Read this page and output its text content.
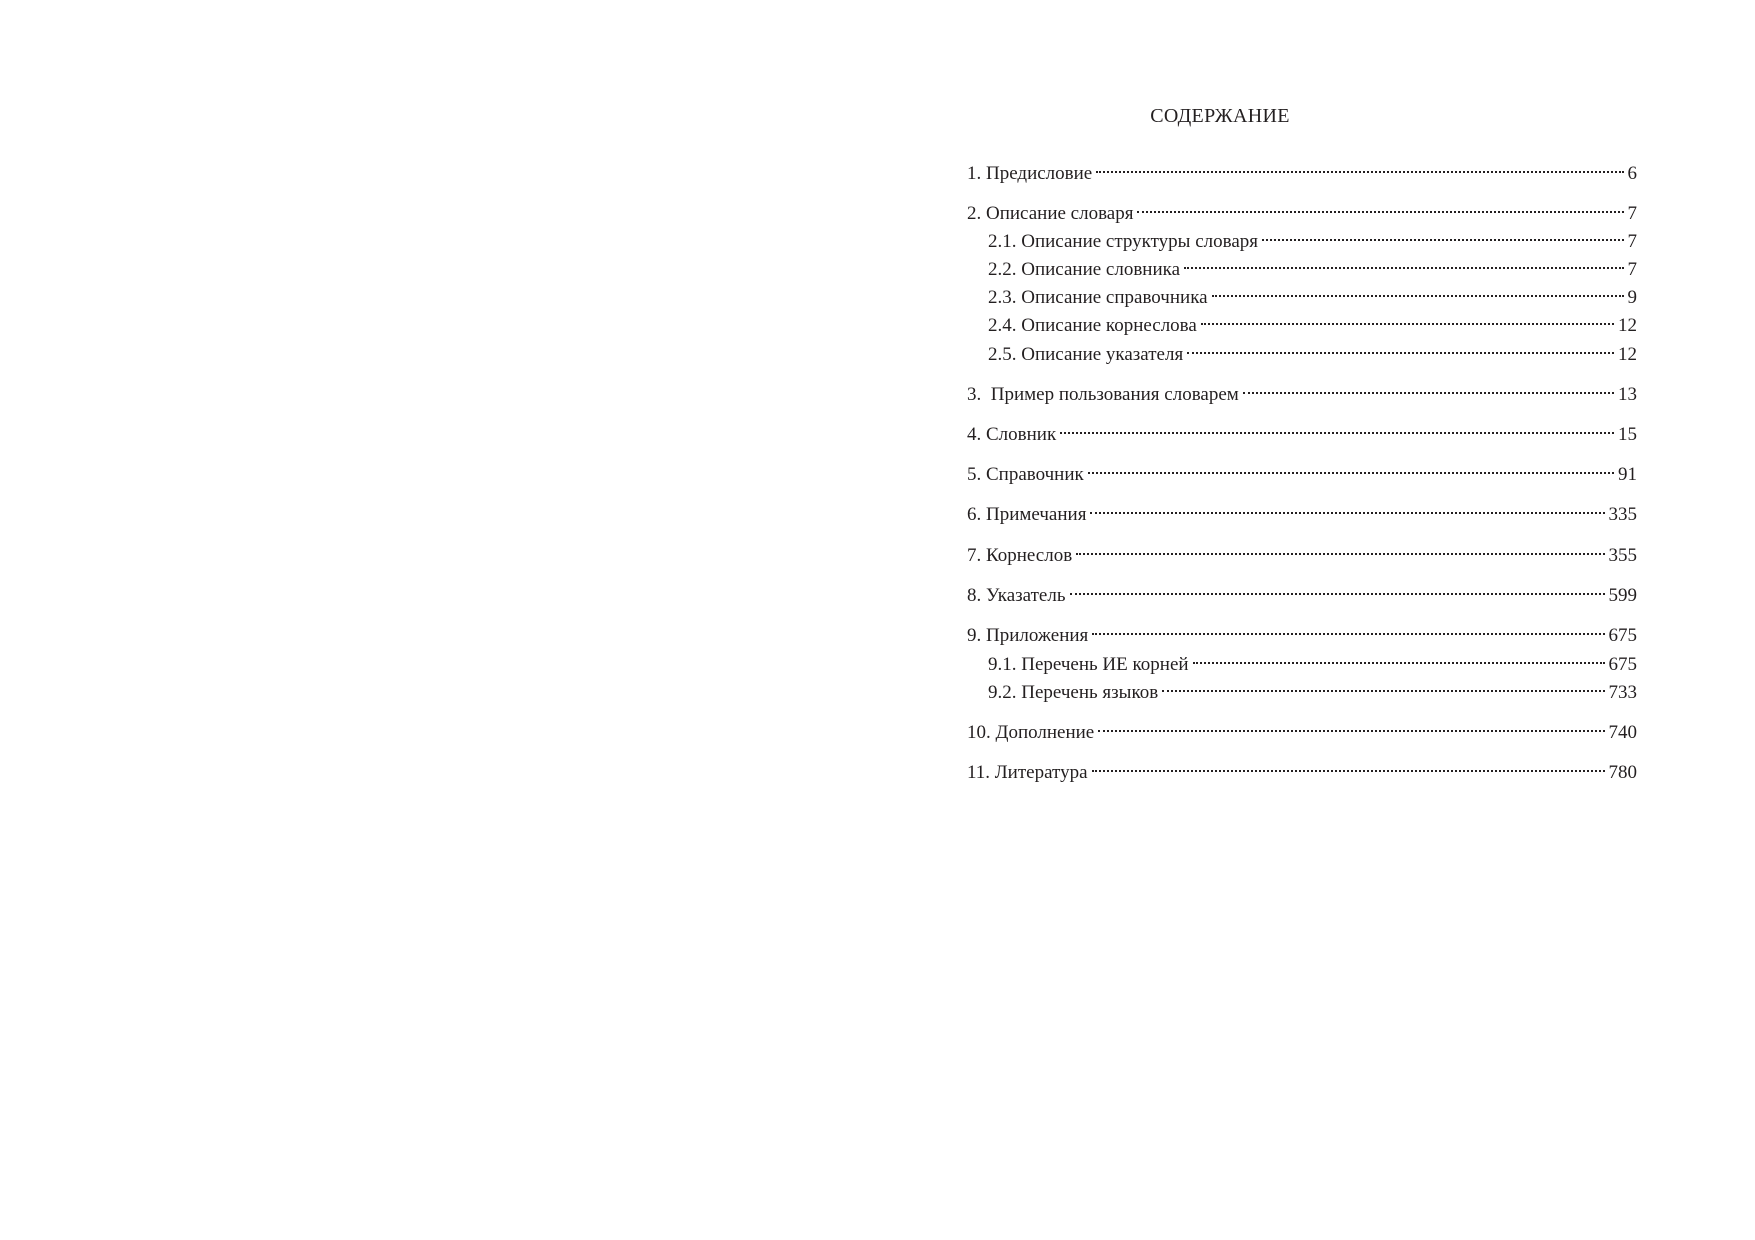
СОДЕРЖАНИЕ
1. Предисловие	6
2. Описание словаря	7
2.1. Описание структуры словаря	7
2.2. Описание словника	7
2.3. Описание справочника	9
2.4. Описание корнеслова	12
2.5. Описание указателя	12
3.  Пример пользования словарем	13
4. Словник	15
5. Справочник	91
6. Примечания	335
7. Корнеслов	355
8. Указатель	599
9. Приложения	675
9.1. Перечень ИЕ корней	675
9.2. Перечень языков	733
10. Дополнение	740
11. Литература	780
